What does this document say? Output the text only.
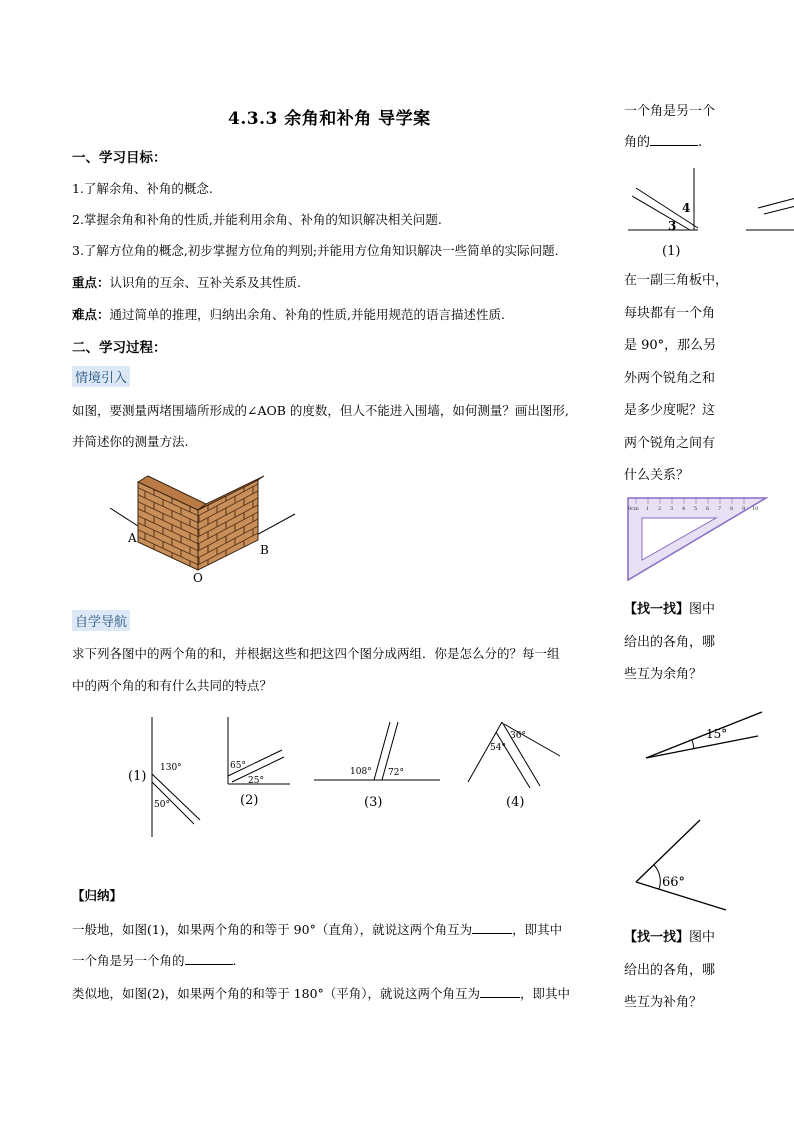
4.3.3 余角和补角 导学案
一、学习目标：
1.了解余角、补角的概念.
2.掌握余角和补角的性质,并能利用余角、补角的知识解决相关问题.
3.了解方位角的概念,初步掌握方位角的判别;并能用方位角知识解决一些简单的实际问题.
重点：认识角的互余、互补关系及其性质.
难点：通过简单的推理，归纳出余角、补角的性质,并能用规范的语言描述性质.
二、学习过程：
情境引入
如图，要测量两堵围墙所形成的∠AOB 的度数，但人不能进入围墙，如何测量？画出图形,
并简述你的测量方法.
A
O
B
自学导航
求下列各图中的两个角的和，并根据这些和把这四个图分成两组．你是怎么分的？每一组
中的两个角的和有什么共同的特点？
(1)
130°
50°
65°
25°
(2)
108° 72°
(3)
54°
36°
(4)
【归纳】
一般地，如图(1)，如果两个角的和等于 90°（直角），就说这两个角互为	，即其中
一个角是另一个角的	.
类似地，如图(2)，如果两个角的和等于 180°（平角），就说这两个角互为	，即其中
一个角是另一个
角的	.
4
3
(1)
在一副三角板中，
每块都有一个角
是 90°，那么另
外两个锐角之和
是多少度呢？这
两个锐角之间有
什么关系？
0cm 1 2 3 4 5 6 7 8 9 10
【找一找】图中
给出的各角，哪
些互为余角？
15°
66°
【找一找】图中
给出的各角，哪
些互为补角？
